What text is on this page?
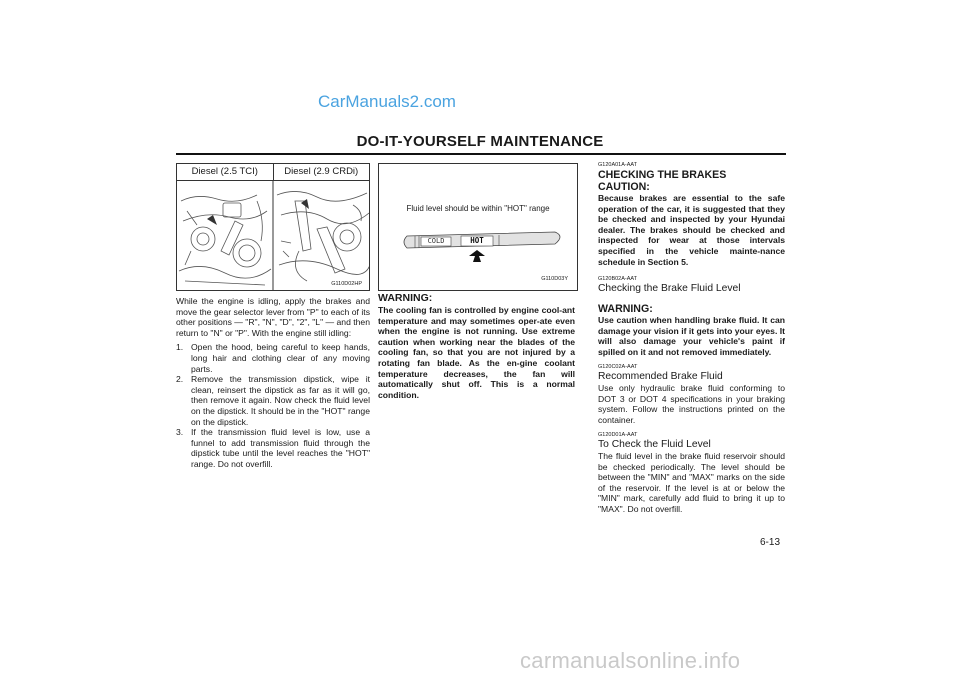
CarManuals2.com
DO-IT-YOURSELF MAINTENANCE
Diesel (2.5 TCI)	Diesel (2.9 CRDi)
G110D02HP
Fluid level should be within "HOT" range
COLD	HOT
G110D03Y

While the engine is idling, apply the brakes and move the gear selector lever from "P" to each of its other positions — "R", "N", "D", "2", "L" — and then return to "N" or "P". With the engine still idling:

1. Open the hood, being careful to keep hands, long hair and clothing clear of any moving parts.
2. Remove the transmission dipstick, wipe it clean, reinsert the dipstick as far as it will go, then remove it again. Now check the fluid level on the dipstick. It should be in the "HOT" range on the dipstick.
3. If the transmission fluid level is low, use a funnel to add transmission fluid through the dipstick tube until the level reaches the "HOT" range. Do not overfill.
WARNING:
The cooling fan is controlled by engine cool-ant temperature and may sometimes oper-ate even when the engine is not running. Use extreme caution when working near the blades of the cooling fan, so that you are not injured by a rotating fan blade. As the en-gine coolant temperature decreases, the fan will automatically shut off. This is a normal condition.
G120A01A-AAT
CHECKING THE BRAKES
CAUTION:
Because brakes are essential to the safe operation of the car, it is suggested that they be checked and inspected by your Hyundai dealer. The brakes should be checked and inspected for wear at those intervals specified in the vehicle mainte-nance schedule in Section 5.
G120B02A-AAT
Checking the Brake Fluid Level
WARNING:
Use caution when handling brake fluid. It can damage your vision if it gets into your eyes. It will also damage your vehicle's paint if spilled on it and not removed immediately.
G120C02A-AAT
Recommended Brake Fluid
Use only hydraulic brake fluid conforming to DOT 3 or DOT 4 specifications in your braking system. Follow the instructions printed on the container.
G120D01A-AAT
To Check the Fluid Level
The fluid level in the brake fluid reservoir should be checked periodically. The level should be between the "MIN" and "MAX" marks on the side of the reservoir. If the level is at or below the "MIN" mark, carefully add fluid to bring it up to "MAX". Do not overfill.
6-13
carmanualsonline.info
